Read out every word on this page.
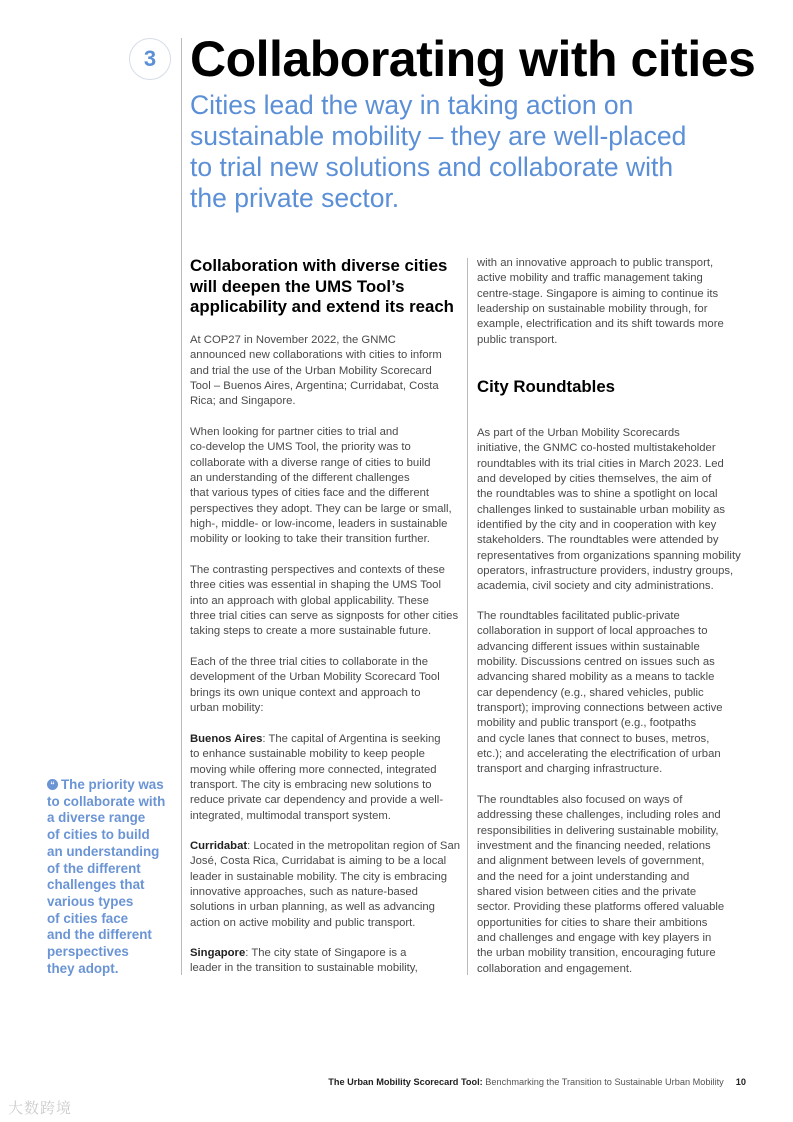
3 Collaborating with cities
Cities lead the way in taking action on
sustainable mobility – they are well-placed
to trial new solutions and collaborate with
the private sector.
Collaboration with diverse cities
will deepen the UMS Tool’s
applicability and extend its reach
At COP27 in November 2022, the GNMC
announced new collaborations with cities to inform
and trial the use of the Urban Mobility Scorecard
Tool – Buenos Aires, Argentina; Curridabat, Costa
Rica; and Singapore.
When looking for partner cities to trial and
co-develop the UMS Tool, the priority was to
collaborate with a diverse range of cities to build
an understanding of the different challenges
that various types of cities face and the different
perspectives they adopt. They can be large or small,
high-, middle- or low-income, leaders in sustainable
mobility or looking to take their transition further.
The contrasting perspectives and contexts of these
three cities was essential in shaping the UMS Tool
into an approach with global applicability. These
three trial cities can serve as signposts for other cities
taking steps to create a more sustainable future.
Each of the three trial cities to collaborate in the
development of the Urban Mobility Scorecard Tool
brings its own unique context and approach to
urban mobility:
Buenos Aires: The capital of Argentina is seeking
to enhance sustainable mobility to keep people
moving while offering more connected, integrated
transport. The city is embracing new solutions to
reduce private car dependency and provide a well-
integrated, multimodal transport system.
Curridabat: Located in the metropolitan region of San
José, Costa Rica, Curridabat is aiming to be a local
leader in sustainable mobility. The city is embracing
innovative approaches, such as nature-based
solutions in urban planning, as well as advancing
action on active mobility and public transport.
Singapore: The city state of Singapore is a
leader in the transition to sustainable mobility,
with an innovative approach to public transport,
active mobility and traffic management taking
centre-stage. Singapore is aiming to continue its
leadership on sustainable mobility through, for
example, electrification and its shift towards more
public transport.
City Roundtables
As part of the Urban Mobility Scorecards
initiative, the GNMC co-hosted multistakeholder
roundtables with its trial cities in March 2023. Led
and developed by cities themselves, the aim of
the roundtables was to shine a spotlight on local
challenges linked to sustainable urban mobility as
identified by the city and in cooperation with key
stakeholders. The roundtables were attended by
representatives from organizations spanning mobility
operators, infrastructure providers, industry groups,
academia, civil society and city administrations.
The roundtables facilitated public-private
collaboration in support of local approaches to
advancing different issues within sustainable
mobility. Discussions centred on issues such as
advancing shared mobility as a means to tackle
car dependency (e.g., shared vehicles, public
transport); improving connections between active
mobility and public transport (e.g., footpaths
and cycle lanes that connect to buses, metros,
etc.); and accelerating the electrification of urban
transport and charging infrastructure.
The roundtables also focused on ways of
addressing these challenges, including roles and
responsibilities in delivering sustainable mobility,
investment and the financing needed, relations
and alignment between levels of government,
and the need for a joint understanding and
shared vision between cities and the private
sector. Providing these platforms offered valuable
opportunities for cities to share their ambitions
and challenges and engage with key players in
the urban mobility transition, encouraging future
collaboration and engagement.
“ The priority was
to collaborate with
a diverse range
of cities to build
an understanding
of the different
challenges that
various types
of cities face
and the different
perspectives
they adopt.
The Urban Mobility Scorecard Tool: Benchmarking the Transition to Sustainable Urban Mobility 10
大数跨境
